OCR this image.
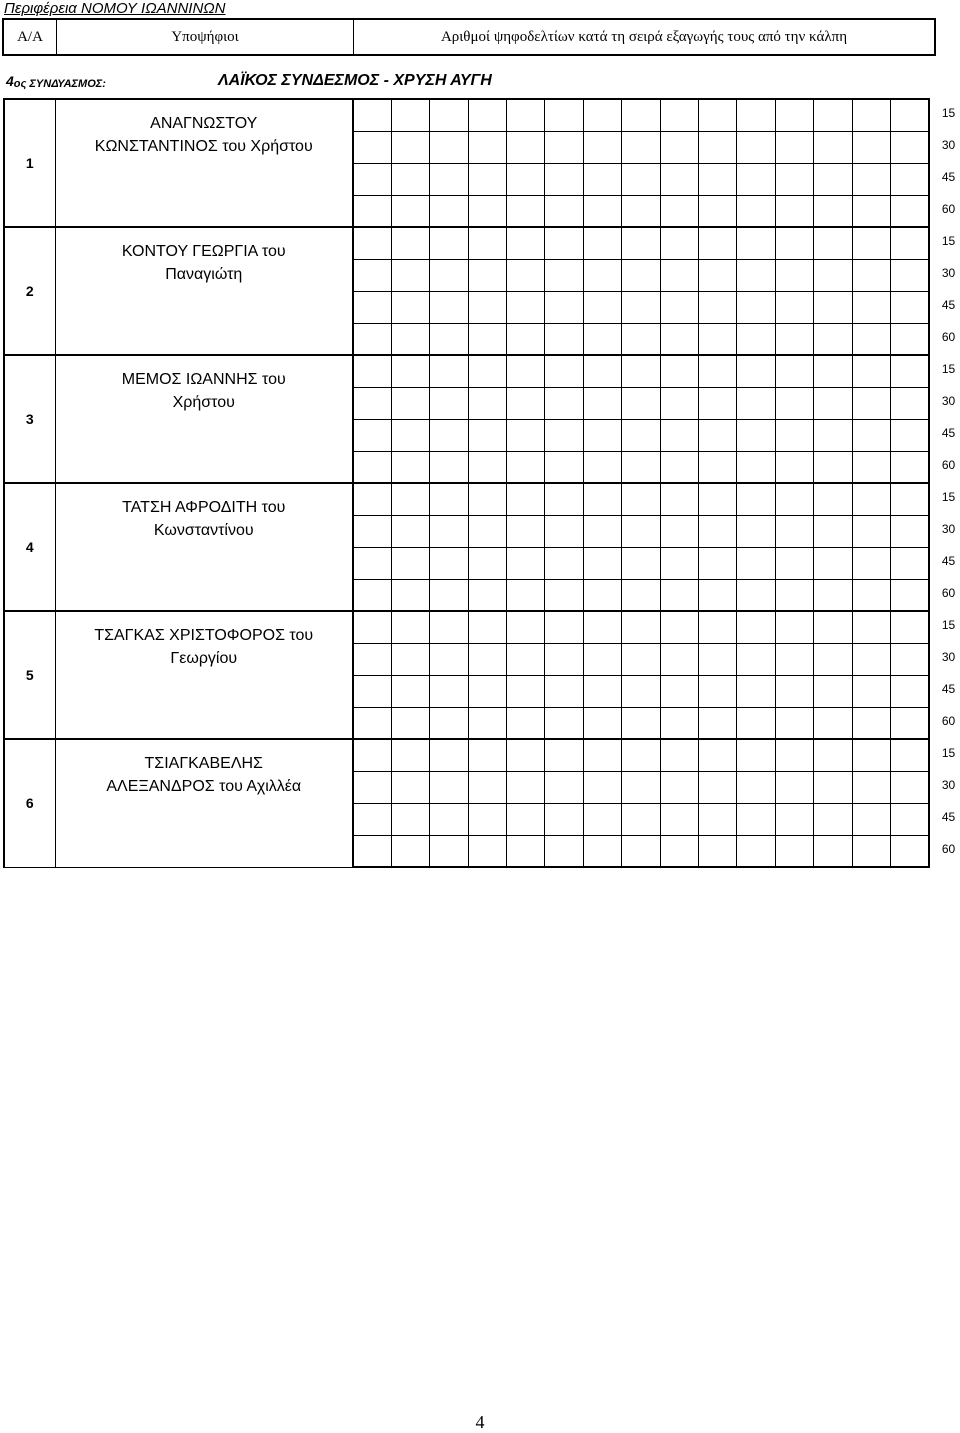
Περιφέρεια ΝΟΜΟΥ ΙΩΑΝΝΙΝΩΝ
Α/Α	Υποψήφιοι	Αριθμοί ψηφοδελτίων κατά τη σειρά εξαγωγής τους από την κάλπη
4ος ΣΥΝΔΥΑΣΜΟΣ:	ΛΑΪΚΟΣ ΣΥΝΔΕΣΜΟΣ - ΧΡΥΣΗ ΑΥΓΗ
1	ΑΝΑΓΝΩΣΤΟΥ
ΚΩΝΣΤΑΝΤΙΝΟΣ του Χρήστου															

2	ΚΟΝΤΟΥ ΓΕΩΡΓΙΑ του
Παναγιώτη															

3	ΜΕΜΟΣ ΙΩΑΝΝΗΣ του
Χρήστου															

4	ΤΑΤΣΗ ΑΦΡΟΔΙΤΗ του
Κωνσταντίνου															

5	ΤΣΑΓΚΑΣ ΧΡΙΣΤΟΦΟΡΟΣ του
Γεωργίου															

6	ΤΣΙΑΓΚΑΒΕΛΗΣ
ΑΛΕΞΑΝΔΡΟΣ του Αχιλλέα															

15
30
45
60
15
30
45
60
15
30
45
60
15
30
45
60
15
30
45
60
15
30
45
60
4
